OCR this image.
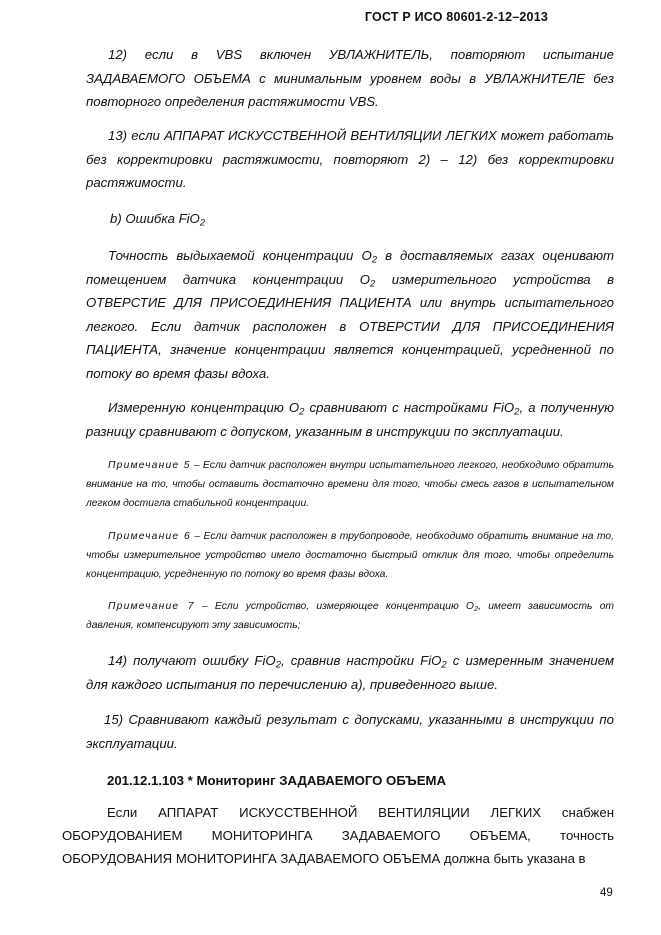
ГОСТ Р ИСО 80601-2-12–2013
12) если в VBS включен УВЛАЖНИТЕЛЬ, повторяют испытание ЗАДАВАЕМОГО ОБЪЕМА с минимальным уровнем воды в УВЛАЖНИТЕЛЕ без повторного определения растяжимости VBS.
13) если АППАРАТ ИСКУССТВЕННОЙ ВЕНТИЛЯЦИИ ЛЕГКИХ может работать без корректировки растяжимости, повторяют 2) – 12) без корректировки растяжимости.
b) Ошибка FiO$_2$
Точность выдыхаемой концентрации $O_2$ в доставляемых газах оценивают помещением датчика концентрации $O_2$ измерительного устройства в ОТВЕРСТИЕ ДЛЯ ПРИСОЕДИНЕНИЯ ПАЦИЕНТА или внутрь испытательного легкого. Если датчик расположен в ОТВЕРСТИИ ДЛЯ ПРИСОЕДИНЕНИЯ ПАЦИЕНТА, значение концентрации является концентрацией, усредненной по потоку во время фазы вдоха.
Измеренную концентрацию $O_2$ сравнивают с настройками FiO$_2$, а полученную разницу сравнивают с допуском, указанным в инструкции по эксплуатации.
Примечание 5 – Если датчик расположен внутри испытательного легкого, необходимо обратить внимание на то, чтобы оставить достаточно времени для того, чтобы смесь газов в испытательном легком достигла стабильной концентрации.
Примечание 6 – Если датчик расположен в трубопроводе, необходимо обратить внимание на то, чтобы измерительное устройство имело достаточно быстрый отклик для того, чтобы определить концентрацию, усредненную по потоку во время фазы вдоха.
Примечание 7 – Если устройство, измеряющее концентрацию $O_2$, имеет зависимость от давления, компенсируют эту зависимость;
14) получают ошибку FiO$_2$, сравнив настройки FiO$_2$ с измеренным значением для каждого испытания по перечислению a), приведенного выше.
15) Сравнивают каждый результат с допусками, указанными в инструкции по эксплуатации.
201.12.1.103 * Мониторинг ЗАДАВАЕМОГО ОБЪЕМА
Если АППАРАТ ИСКУССТВЕННОЙ ВЕНТИЛЯЦИИ ЛЕГКИХ снабжен ОБОРУДОВАНИЕМ МОНИТОРИНГА ЗАДАВАЕМОГО ОБЪЕМА, точность ОБОРУДОВАНИЯ МОНИТОРИНГА ЗАДАВАЕМОГО ОБЪЕМА должна быть указана в
49
